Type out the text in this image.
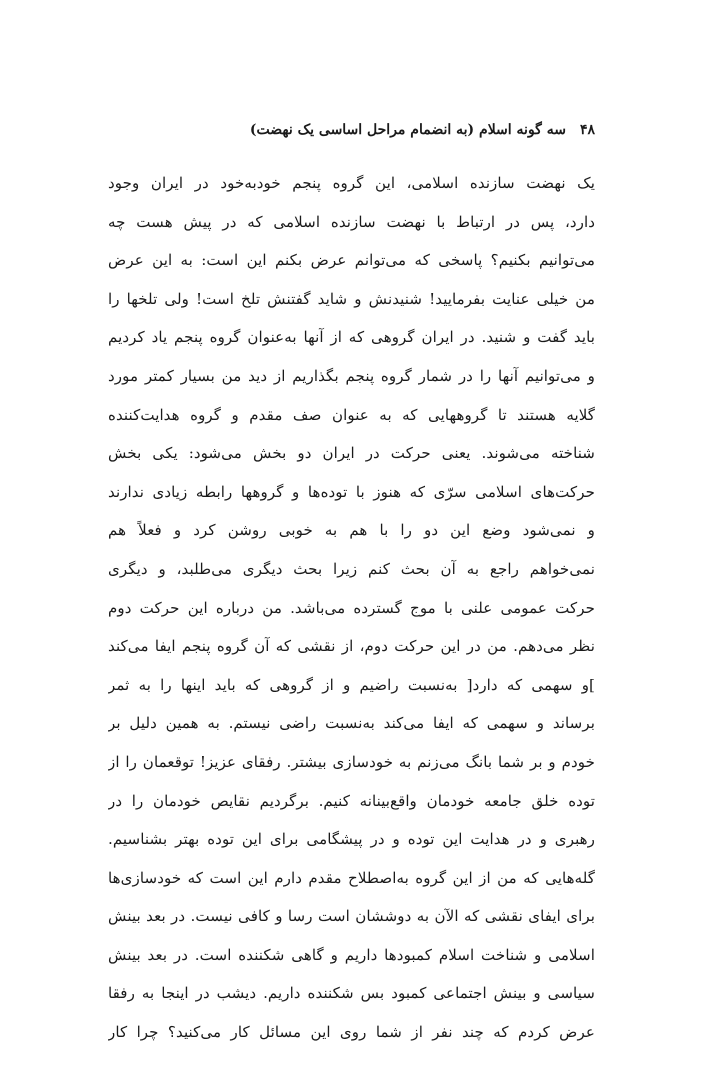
۴۸
سه گونه اسلام (به انضمام مراحل اساسی یک نهضت)
یک نهضت سازنده اسلامی، این گروه پنجم خودبه‌خود در ایران وجود
دارد، پس در ارتباط با نهضت سازنده اسلامی که در پیش هست چه
می‌توانیم بکنیم؟ پاسخی که می‌توانم عرض بکنم این است: به این عرض
من خیلی عنایت بفرمایید! شنیدنش و شاید گفتنش تلخ است! ولی تلخها را
باید گفت و شنید. در ایران گروهی که از آنها به‌عنوان گروه پنجم یاد کردیم
و می‌توانیم آنها را در شمار گروه پنجم بگذاریم از دید من بسیار کمتر مورد
گلایه هستند تا گروههایی که به عنوان صف مقدم و گروه هدایت‌کننده
شناخته می‌شوند. یعنی حرکت در ایران دو بخش می‌شود: یکی بخش
حرکت‌های اسلامی سرّی که هنوز با توده‌ها و گروهها رابطه زیادی ندارند
و نمی‌شود وضع این دو را با هم به خوبی روشن کرد و فعلاً هم
نمی‌خواهم راجع به آن بحث کنم زیرا بحث دیگری می‌طلبد، و دیگری
حرکت عمومی علنی با موج گسترده می‌باشد. من درباره این حرکت دوم
نظر می‌دهم. من در این حرکت دوم، از نقشی که آن گروه پنجم ایفا می‌کند
]و سهمی که دارد[ به‌نسبت راضیم و از گروهی که باید اینها را به ثمر
برساند و سهمی که ایفا می‌کند به‌نسبت راضی نیستم. به همین دلیل بر
خودم و بر شما بانگ می‌زنم به خودسازی بیشتر. رفقای عزیز! توقعمان را از
توده خلق جامعه خودمان واقع‌بینانه کنیم. برگردیم نقایص خودمان را در
رهبری و در هدایت این توده و در پیشگامی برای این توده بهتر بشناسیم.
گله‌هایی که من از این گروه به‌اصطلاح مقدم دارم این است که خودسازی‌ها
برای ایفای نقشی که الآن به دوششان است رسا و کافی نیست. در بعد بینش
اسلامی و شناخت اسلام کمبودها داریم و گاهی شکننده است. در بعد بینش
سیاسی و بینش اجتماعی کمبود بس شکننده داریم. دیشب در اینجا به رفقا
عرض کردم که چند نفر از شما روی این مسائل کار می‌کنید؟ چرا کار
